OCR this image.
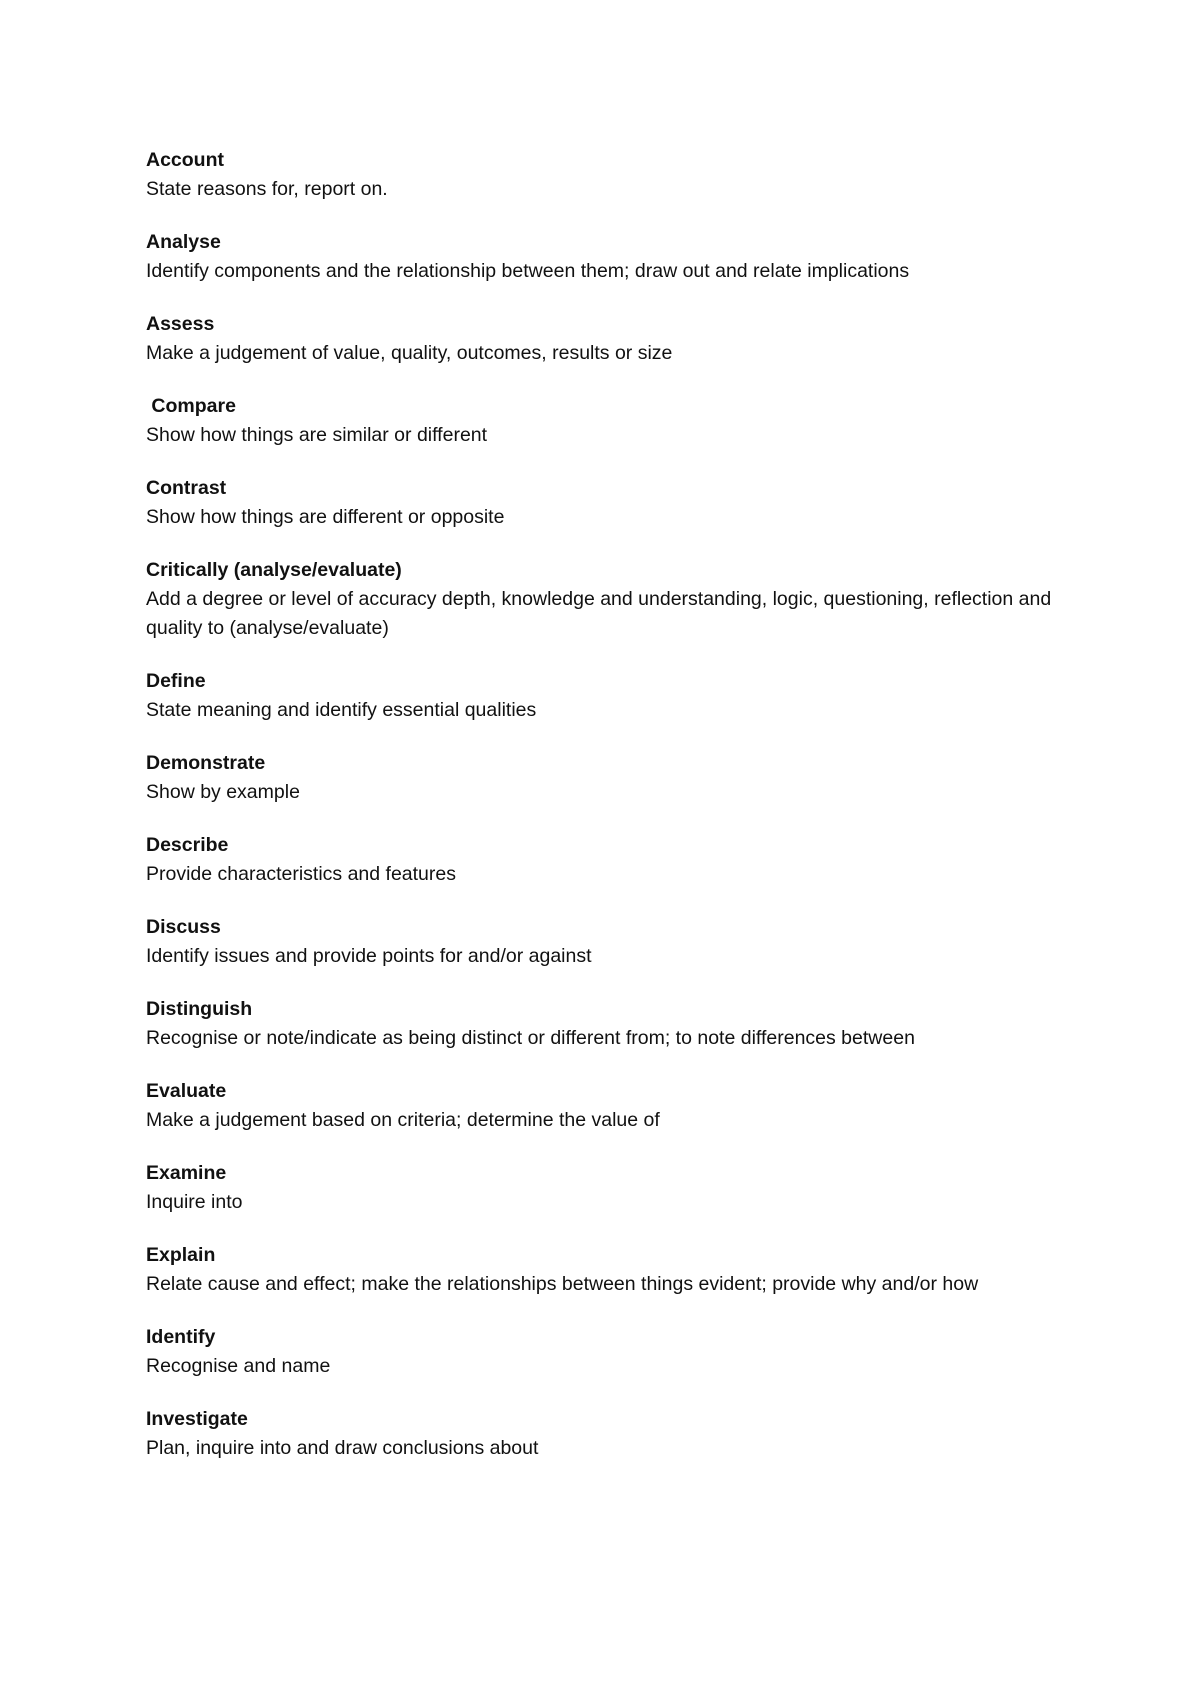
Account
State reasons for, report on.
Analyse
Identify components and the relationship between them; draw out and relate implications
Assess
Make a judgement of value, quality, outcomes, results or size
Compare
Show how things are similar or different
Contrast
Show how things are different or opposite
Critically (analyse/evaluate)
Add a degree or level of accuracy depth, knowledge and understanding, logic, questioning, reflection and quality to (analyse/evaluate)
Define
State meaning and identify essential qualities
Demonstrate
Show by example
Describe
Provide characteristics and features
Discuss
Identify issues and provide points for and/or against
Distinguish
Recognise or note/indicate as being distinct or different from; to note differences between
Evaluate
Make a judgement based on criteria; determine the value of
Examine
Inquire into
Explain
Relate cause and effect; make the relationships between things evident; provide why and/or how
Identify
Recognise and name
Investigate
Plan, inquire into and draw conclusions about
